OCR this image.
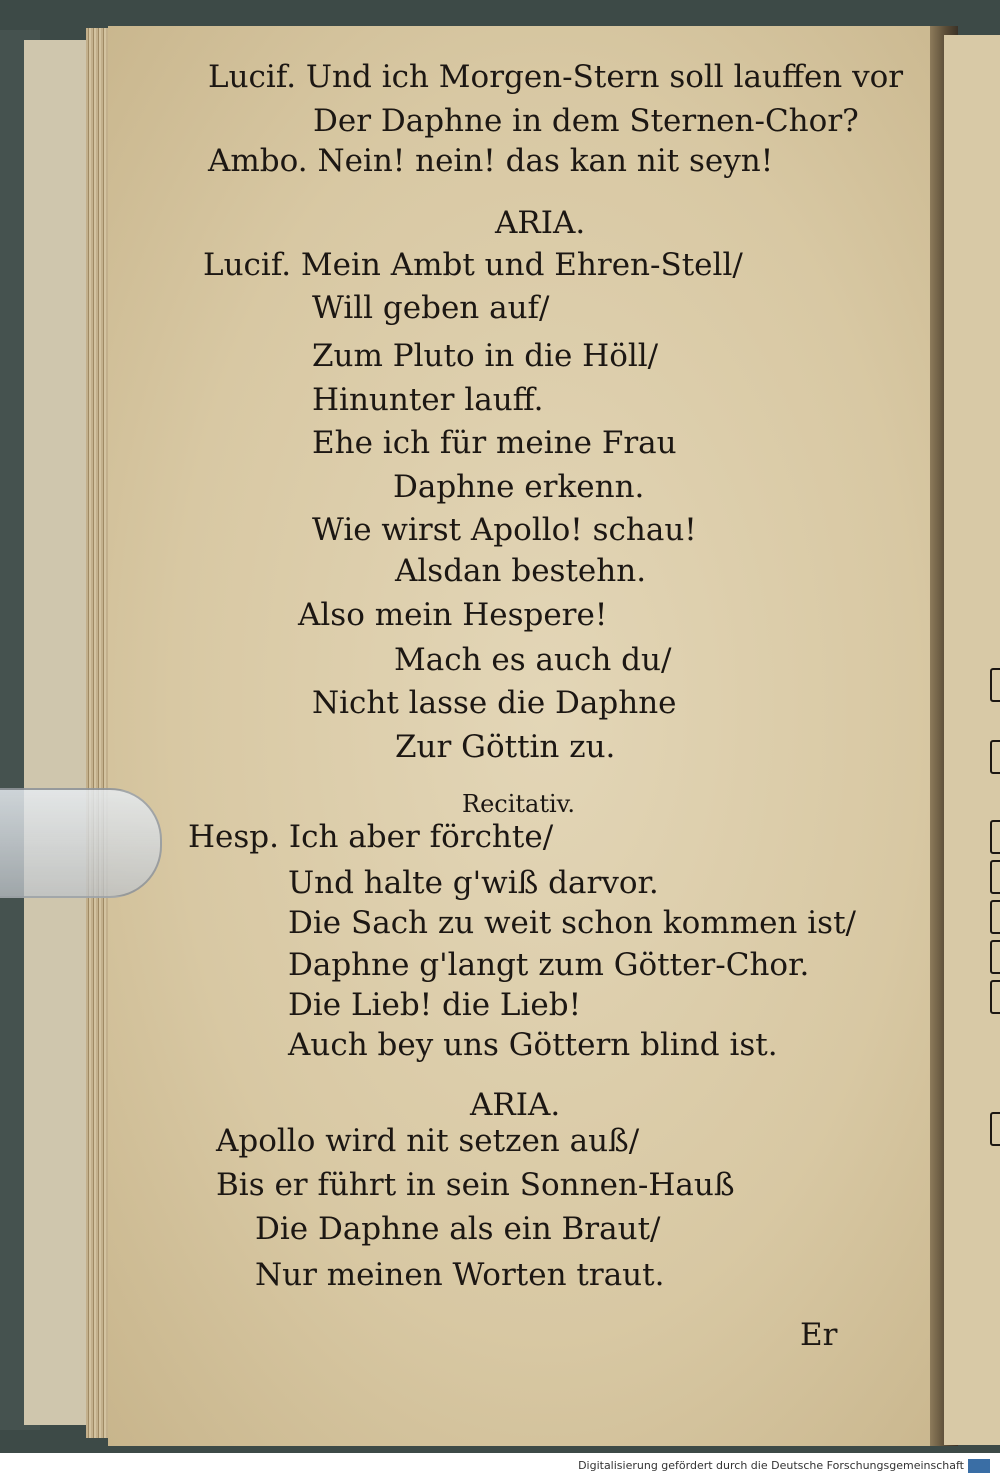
Lucif. Und ich Morgen-Stern soll lauffen vor
Der Daphne in dem Sternen-Chor?
Ambo. Nein! nein! das kan nit seyn!
ARIA.
Lucif. Mein Ambt und Ehren-Stell/
Will geben auf/
Zum Pluto in die Höll/
Hinunter lauff.
Ehe ich für meine Frau
Daphne erkenn.
Wie wirst Apollo! schau!
Alsdan bestehn.
Also mein Hespere!
Mach es auch du/
Nicht lasse die Daphne
Zur Göttin zu.
Recitativ.
Hesp. Ich aber förchte/
Und halte g'wiß darvor.
Die Sach zu weit schon kommen ist/
Daphne g'langt zum Götter-Chor.
Die Lieb! die Lieb!
Auch bey uns Göttern blind ist.
ARIA.
Apollo wird nit setzen auß/
Bis er führt in sein Sonnen-Hauß
Die Daphne als ein Braut/
Nur meinen Worten traut.
Er
Digitalisierung gefördert durch die Deutsche Forschungsgemeinschaft
